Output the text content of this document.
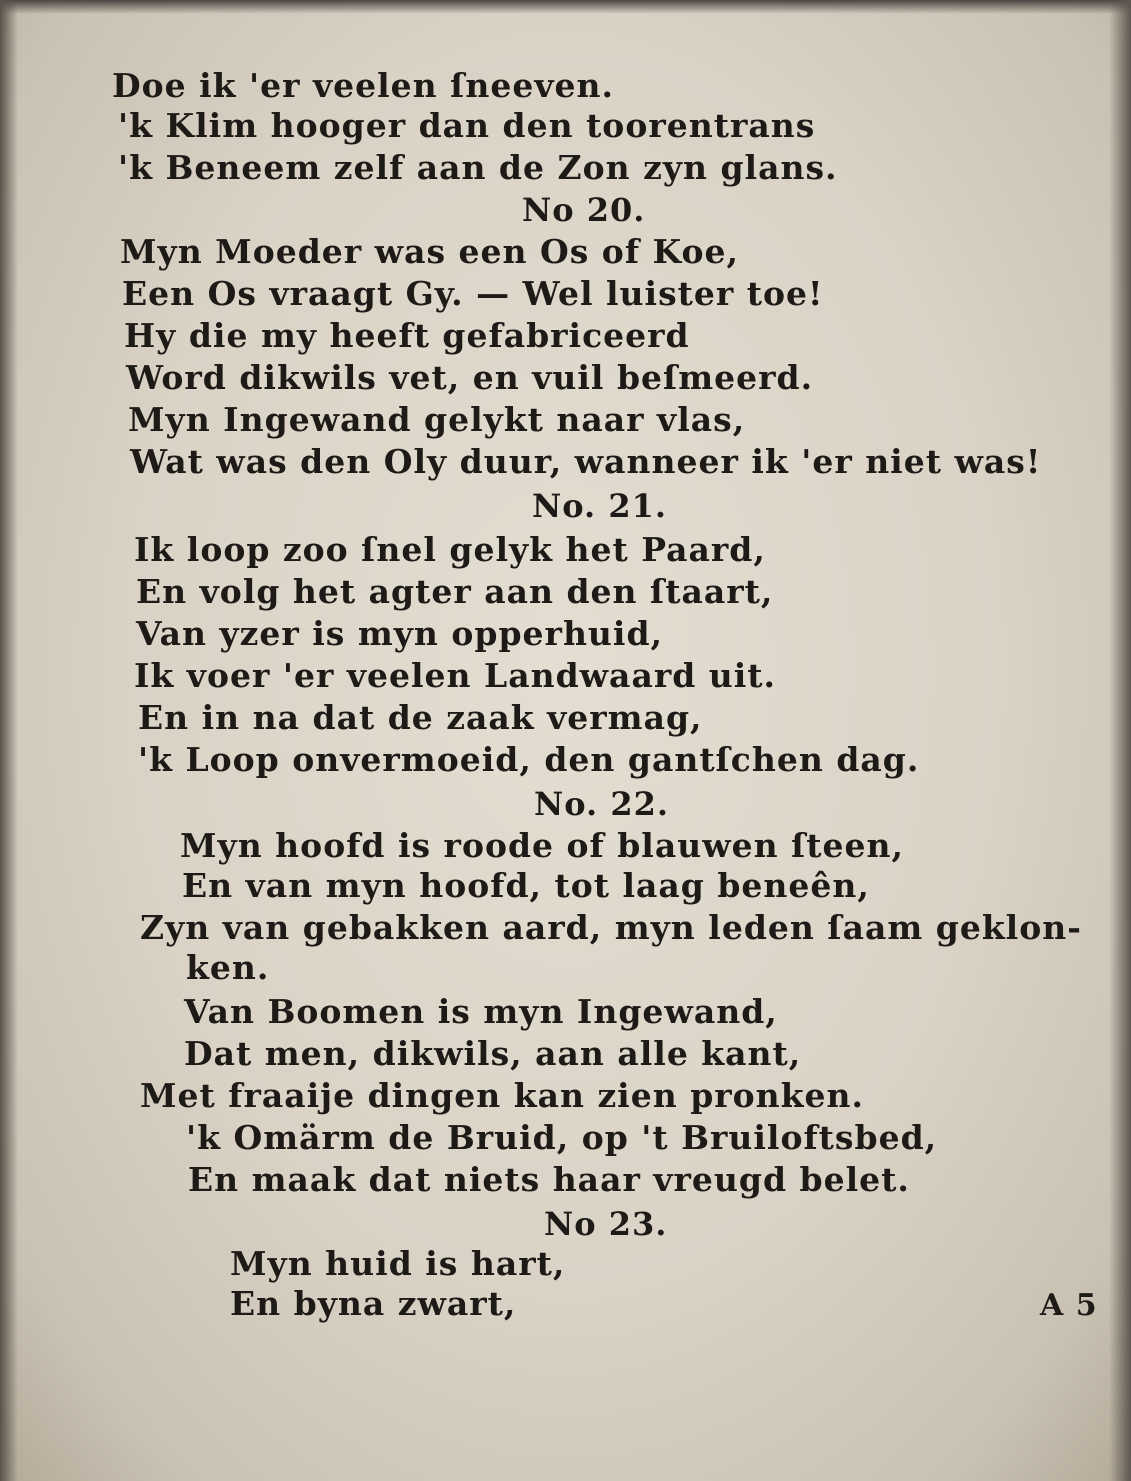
Doe ik 'er veelen ſneeven.
'k Klim hooger dan den toorentrans
'k Beneem zelf aan de Zon zyn glans.
No 20.
Myn Moeder was een Os of Koe,
Een Os vraagt Gy. — Wel luister toe!
Hy die my heeft gefabriceerd
Word dikwils vet, en vuil beſmeerd.
Myn Ingewand gelykt naar vlas,
Wat was den Oly duur, wanneer ik 'er niet was!
No. 21.
Ik loop zoo ſnel gelyk het Paard,
En volg het agter aan den ſtaart,
Van yzer is myn opperhuid,
Ik voer 'er veelen Landwaard uit.
En in na dat de zaak vermag,
'k Loop onvermoeid, den gantſchen dag.
No. 22.
Myn hoofd is roode of blauwen ſteen,
En van myn hoofd, tot laag beneên,
Zyn van gebakken aard, myn leden ſaam geklon-
ken.
Van Boomen is myn Ingewand,
Dat men, dikwils, aan alle kant,
Met fraaije dingen kan zien pronken.
'k Omärm de Bruid, op 't Bruiloftsbed,
En maak dat niets haar vreugd belet.
No 23.
Myn huid is hart,
En byna zwart,	A 5
